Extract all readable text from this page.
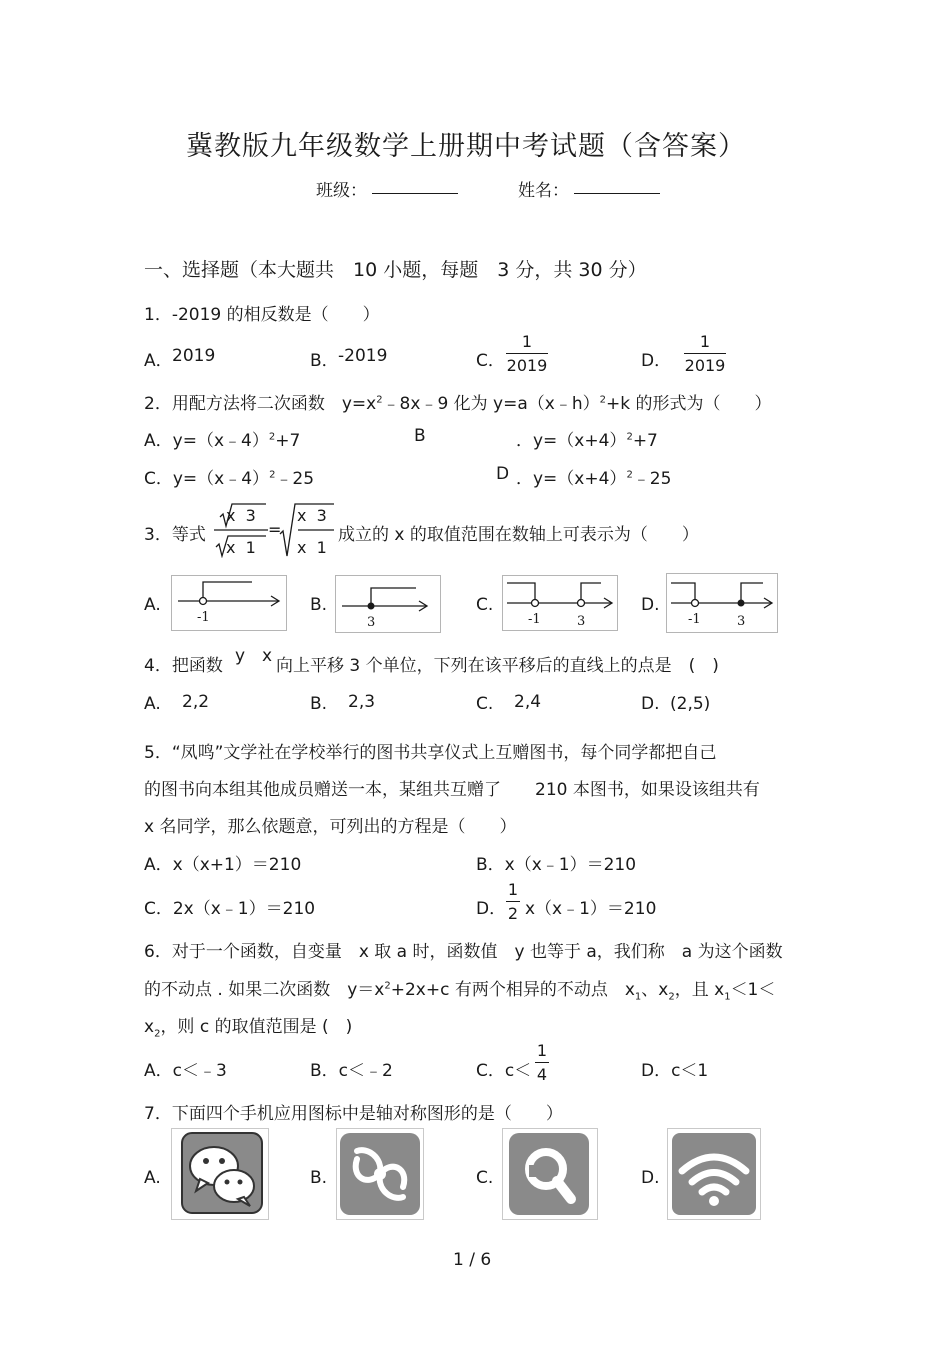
冀教版九年级数学上册期中考试题（含答案）
班级：	姓名：
一、选择题（本大题共　10 小题，每题　3 分，共 30 分）
1．-2019 的相反数是（　　）
A． 2019	B． -2019	C．
1
2019	D．
1
2019
2．用配方法将二次函数　$y=x^2﹣8x﹣9$ 化为 y=a（x﹣h）$^2$+k 的形式为（　　）
A．y=（x﹣4）$^2$+7	B	．$y=(x+4)^2+7$
C．y=（x﹣4）$^2$﹣25	D ．$y=(x+4)^2﹣25$
3．等式
x  3
x  1
=
x  3
x  1
成立的 x 的取值范围在数轴上可表示为（　　）
A.
-1
B.
3
C.
-1	3
D.
-1	3
4．把函数 y x 向上平移 3 个单位，下列在该平移后的直线上的点是　(　)
A. 2,2	B. 2,3	C. 2,4	D. (2,5)
5．“凤鸣”文学社在学校举行的图书共享仪式上互赠图书，每个同学都把自己
的图书向本组其他成员赠送一本，某组共互赠了　　210 本图书，如果设该组共有
x 名同学，那么依题意，可列出的方程是（　　）
A．x（x+1）＝210	B．x（x﹣1）＝210
C．2x（x﹣1）＝210	D．
1
2 x（x﹣1）＝210
6．对于一个函数，自变量　x 取 a 时，函数值　y 也等于 a，我们称　a 为这个函数
的不动点 . 如果二次函数　$y=x^2+2x+c$ 有两个相异的不动点　$x_1$、$x_2$，且 $x_1<1<$
$x_2$，则 c 的取值范围是 (　)
A．c＜﹣3	B．c＜﹣2	C．c＜
1
4	D．c＜1
7．下面四个手机应用图标中是轴对称图形的是（　　）
A.	B.	C.	D.
1 / 6
